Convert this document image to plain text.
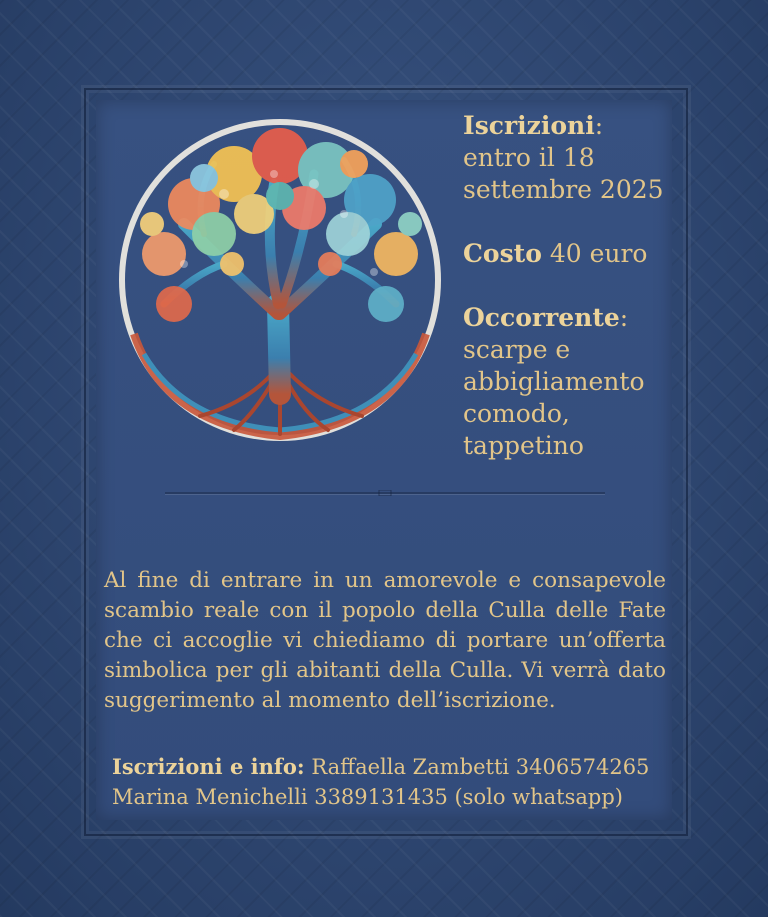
Iscrizioni:

entro il 18

settembre 2025

Costo 40 euro

Occorrente:

scarpe e

abbigliamento

comodo,

tappetino

Al fine di entrare in un amorevole e consapevole scambio reale con il popolo della Culla delle Fate che ci accoglie vi chiediamo di portare un’offerta simbolica per gli abitanti della Culla. Vi verrà dato suggerimento al momento dell’iscrizione.

Iscrizioni e info: Raffaella Zambetti 3406574265

Marina Menichelli 3389131435 (solo whatsapp)
